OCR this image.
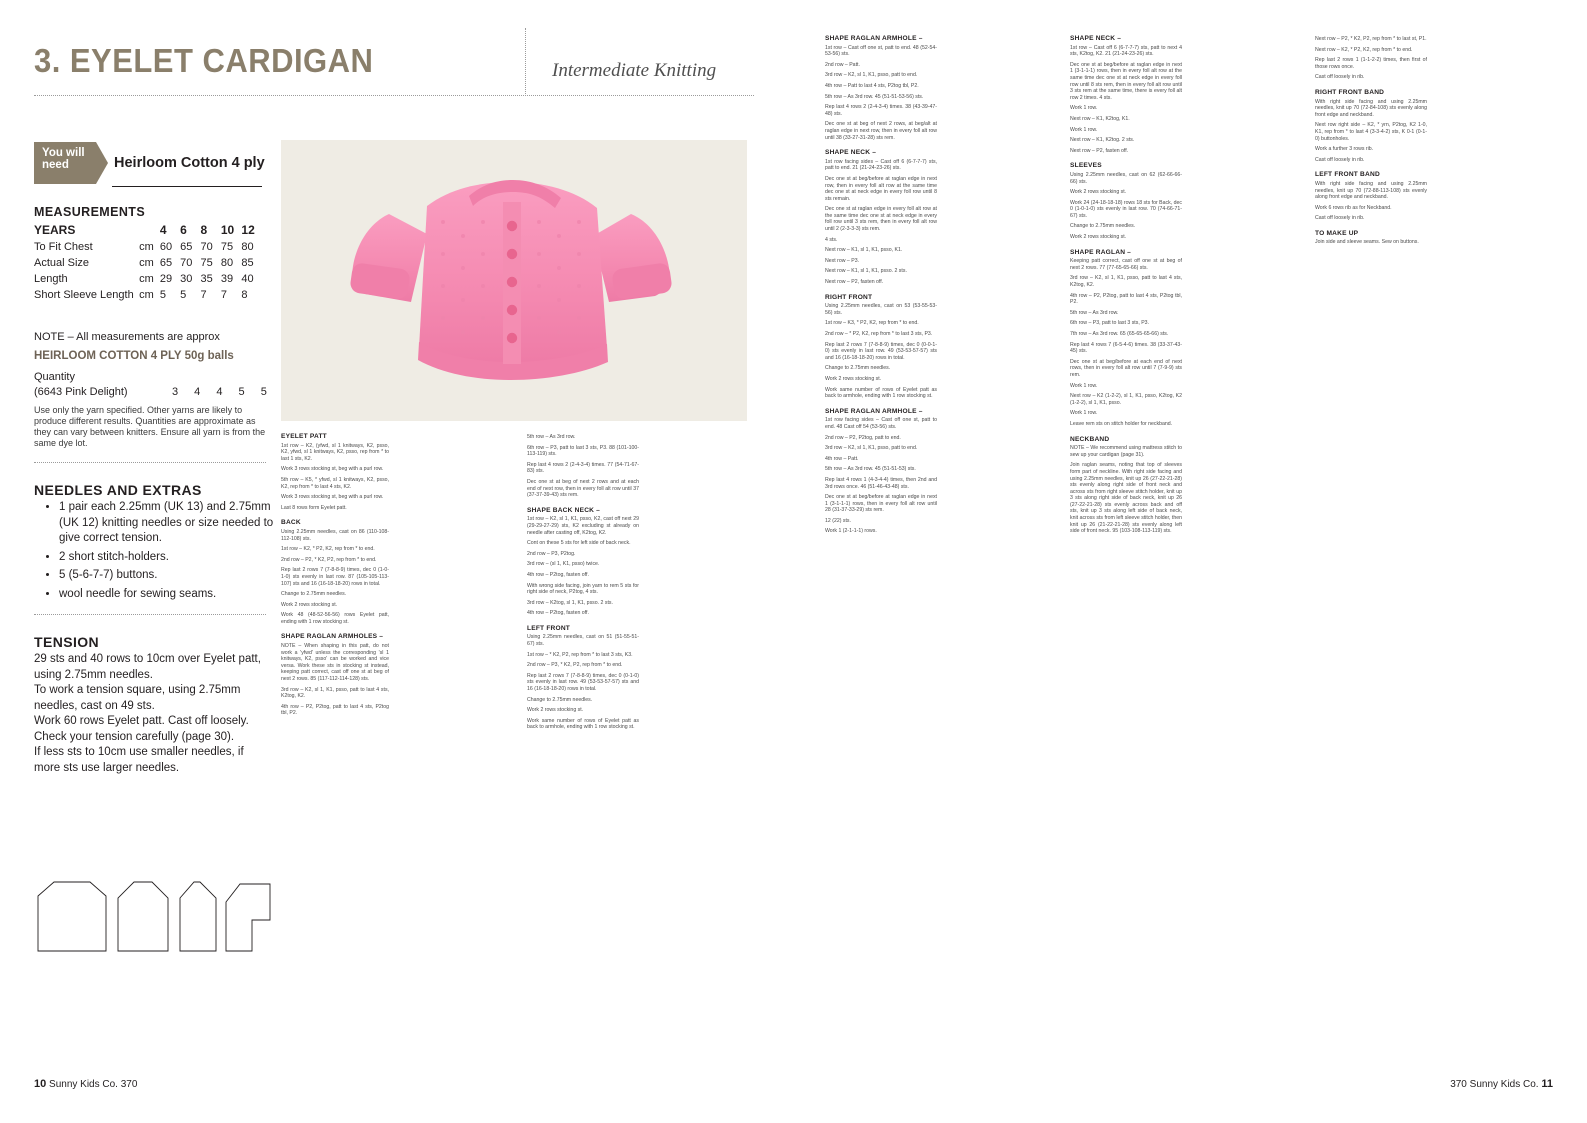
3. EYELET CARDIGAN	Intermediate Knitting
You will
need	Heirloom Cotton 4 ply
MEASUREMENTS
YEARS		4	6	8	10	12
To Fit Chest	cm	60	65	70	75	80
Actual Size	cm	65	70	75	80	85
Length	cm	29	30	35	39	40
Short Sleeve Length	cm	5	5	7	7	8
NOTE – All measurements are approx
HEIRLOOM COTTON 4 PLY 50g balls
Quantity
(6643 Pink Delight)	3 4 4 5 5
Use only the yarn specified. Other yarns are likely to produce different results. Quantities are approximate as they can vary between knitters. Ensure all yarn is from the same dye lot.
NEEDLES AND EXTRAS
• 1 pair each 2.25mm (UK 13) and 2.75mm (UK 12) knitting needles or size needed to give correct tension.
• 2 short stitch-holders.
• 5 (5-6-7-7) buttons.
• wool needle for sewing seams.
TENSION
29 sts and 40 rows to 10cm over Eyelet patt, using 2.75mm needles.
To work a tension square, using 2.75mm needles, cast on 49 sts.
Work 60 rows Eyelet patt. Cast off loosely.
Check your tension carefully (page 30).
If less sts to 10cm use smaller needles, if more sts use larger needles.
EYELET PATT

1st row – K2, (yfwd, sl 1 knitways, K2, psso, K2, yfwd, sl 1 knitways, K2, psso, rep from * to last 1 sts, K2.

Work 3 rows stocking st, beg with a purl row.

5th row – K5, * yfwd, sl 1 knitways, K2, psso, K2, rep from * to last 4 sts, K2.

Work 3 rows stocking st, beg with a purl row.

Last 8 rows form Eyelet patt.

BACK

Using 2.25mm needles, cast on 86 (110-108-112-108) sts.

1st row – K2, * P2, K2, rep from * to end.

2nd row – P2, * K2, P2, rep from * to end.

Rep last 2 rows 7 (7-8-8-9) times, dec 0 (1-0-1-0) sts evenly in last row. 87 (105-105-113-107) sts and 16 (16-18-18-20) rows in total.

Change to 2.75mm needles.

Work 2 rows stocking st.

Work 48 (48-52-56-56) rows Eyelet patt, ending with 1 row stocking st.

SHAPE RAGLAN ARMHOLES –

NOTE – When shaping in this patt, do not work a 'yfwd' unless the corresponding 'sl 1 knitways, K2, psso' can be worked and vice versa. Work these sts in stocking st instead, keeping patt correct, cast off one st at beg of next 2 rows. 85 (117-112-114-128) sts.

3rd row – K2, sl 1, K1, psso, patt to last 4 sts, K2tog, K2.

4th row – P2, P2tog, patt to last 4 sts, P2tog tbl, P2.

5th row – As 3rd row.

6th row – P3, patt to last 3 sts, P3. 88 (101-100-113-119) sts.

Rep last 4 rows 2 (2-4-3-4) times. 77 (54-71-67-83) sts.

Dec one st at beg of next 2 rows and at each end of next row, then in every foll alt row until 37 (37-37-39-43) sts rem.

SHAPE BACK NECK –

1st row – K2, sl 1, K1, psso, K2, cast off next 29 (29-29-27-29) sts, K2 excluding st already on needle after casting off, K2tog, K2.

Cont on these 5 sts for left side of back neck.

2nd row – P3, P2tog.

3rd row – (sl 1, K1, psso) twice.

4th row – P2tog, fasten off.

With wrong side facing, join yarn to rem 5 sts for right side of neck, P2tog, 4 sts.

3rd row – K2tog, sl 1, K1, psso. 2 sts.

4th row – P2tog, fasten off.

LEFT FRONT

Using 2.25mm needles, cast on 51 (51-55-51-67) sts.

1st row – * K2, P2, rep from * to last 3 sts, K3.

2nd row – P3, * K2, P2, rep from * to end.

Rep last 2 rows 7 (7-8-8-9) times, dec 0 (0-1-0) sts evenly in last row. 49 (53-53-57-57) sts and 16 (16-18-18-20) rows in total.

Change to 2.75mm needles.

Work 2 rows stocking st.

Work same number of rows of Eyelet patt as back to armhole, ending with 1 row stocking st.

SHAPE RAGLAN ARMHOLE –

1st row – Cast off one st, patt to end. 48 (52-54-53-56) sts.

2nd row – Patt.

3rd row – K2, sl 1, K1, psso, patt to end.

4th row – Patt to last 4 sts, P2tog tbl, P2.

5th row – As 3rd row. 45 (51-51-53-56) sts.

Rep last 4 rows 2 (2-4-3-4) times. 38 (43-39-47-48) sts.

Dec one st at beg of next 2 rows, at beg/alt at raglan edge in next row, then in every foll alt row until 38 (33-27-31-28) sts rem.

SHAPE NECK –

1st row facing sides – Cast off 6 (6-7-7-7) sts, patt to end. 21 (21-24-23-26) sts.

Dec one st at beg/before at raglan edge in next row, then in every foll alt row at the same time dec one st at neck edge in every foll row until 8 sts remain.

Dec one st at raglan edge in every foll alt row at the same time dec one st at neck edge in every foll row until 3 sts rem, then in every foll alt row until 2 (2-3-3-3) sts rem.

4 sts.

Next row – K1, sl 1, K1, psso, K1.

Next row – P3.

Next row – K1, sl 1, K1, psso. 2 sts.

Next row – P2, fasten off.

RIGHT FRONT

Using 2.25mm needles, cast on 53 (53-55-53-56) sts.

1st row – K3, * P2, K2, rep from * to end.

2nd row – * P2, K2, rep from * to last 3 sts, P3.

Rep last 2 rows 7 (7-8-8-9) times, dec 0 (0-0-1-0) sts evenly in last row. 49 (53-53-57-57) sts and 16 (16-18-18-20) rows in total.

Change to 2.75mm needles.

Work 2 rows stocking st.

Work same number of rows of Eyelet patt as back to armhole, ending with 1 row stocking st.

SHAPE RAGLAN ARMHOLE –

1st row facing sides – Cast off one st, patt to end. 48 Cast off 54 (53-56) sts.

2nd row – P2, P2tog, patt to end.

3rd row – K2, sl 1, K1, psso, patt to end.

4th row – Patt.

5th row – As 3rd row. 45 (51-51-53) sts.

Rep last 4 rows 1 (4-3-4-4) times, then 2nd and 3rd rows once. 46 (51-46-43-48) sts.

Dec one st at beg/before at raglan edge in next 1 (3-1-1-1) rows, then in every foll alt row until 28 (31-37-33-29) sts rem.

12 (22) sts.

Work 1 (2-1-1-1) rows.

SHAPE NECK –

1st row – Cast off 6 (6-7-7-7) sts, patt to next 4 sts, K2tog, K2. 21 (21-24-23-26) sts.

Dec one st at beg/before at raglan edge in next 1 (3-1-1-1) rows, then in every foll alt row at the same time dec one st at neck edge in every foll row until 8 sts rem, then in every foll alt row until 3 sts rem at the same time, there is every foll alt row 2 times. 4 sts.

Work 1 row.

Next row – K1, K2tog, K1.

Work 1 row.

Next row – K1, K2tog. 2 sts.

Next row – P2, fasten off.

SLEEVES

Using 2.25mm needles, cast on 62 (62-66-66-66) sts.

Work 2 rows stocking st.

Work 24 (24-18-18-18) rows 18 sts for Back, dec 0 (1-0-1-0) sts evenly in last row. 70 (74-66-71-67) sts.

Change to 2.75mm needles.

Work 2 rows stocking st.

SHAPE RAGLAN –

Keeping patt correct, cast off one st at beg of next 2 rows. 77 (77-65-65-66) sts.

3rd row – K2, sl 1, K1, psso, patt to last 4 sts, K2tog, K2.

4th row – P2, P2tog, patt to last 4 sts, P2tog tbl, P2.

5th row – As 3rd row.

6th row – P3, patt to last 3 sts, P3.

7th row – As 3rd row. 65 (65-65-65-66) sts.

Rep last 4 rows 7 (6-5-4-6) times. 38 (33-37-43-45) sts.

Dec one st at beg/before at each end of next rows, then in every foll alt row until 7 (7-9-9) sts rem.

Work 1 row.

Next row – K2 (1-2-2), sl 1, K1, psso, K2tog, K2 (1-2-2), sl 1, K1, psso.

Work 1 row.

Leave rem sts on stitch holder for neckband.

NECKBAND

NOTE – We recommend using mattress stitch to sew up your cardigan (page 31).

Join raglan seams, noting that top of sleeves form part of neckline. With right side facing and using 2.25mm needles, knit up 26 (27-22-21-28) sts evenly along right side of front neck and across sts from right sleeve stitch holder, knit up 3 sts along right side of back neck, knit up 26 (27-22-21-28) sts evenly across back and off sts, knit up 3 sts along left side of back neck, knit across sts from left sleeve stitch holder, then knit up 26 (21-22-21-28) sts evenly along left side of front neck. 95 (103-108-113-119) sts.

Next row – P2, * K2, P2, rep from * to last st, P1.

Next row – K2, * P2, K2, rep from * to end.

Rep last 2 rows 1 (1-1-2-2) times, then first of those rows once.

Cast off loosely in rib.

RIGHT FRONT BAND

With right side facing and using 2.25mm needles, knit up 70 (72-84-108) sts evenly along front edge and neckband.

Next row right side – K2, * yrn, P2tog, K2 1-0, K1, rep from * to last 4 (3-3-4-2) sts, K 0-1 (0-1-0) buttonholes.

Work a further 3 rows rib.

Cast off loosely in rib.

LEFT FRONT BAND

With right side facing and using 2.25mm needles, knit up 70 (72-88-113-108) sts evenly along front edge and neckband.

Work 6 rows rib as for Neckband.

Cast off loosely in rib.

TO MAKE UP

Join side and sleeve seams. Sew on buttons.

10 Sunny Kids Co. 370	370 Sunny Kids Co. 11
